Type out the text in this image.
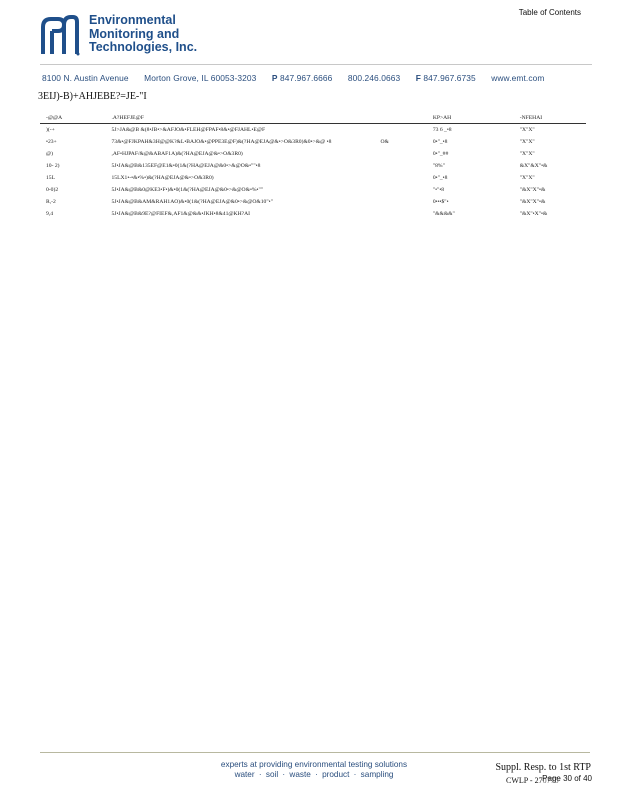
Table of Contents
Environmental
Monitoring and
Technologies, Inc.
8100 N. Austin Avenue Morton Grove, IL 60053-3203 P 847.967.6666 800.246.0663 F 847.967.6735 www.emt.com
3EIJ)-B)+AHJEBE?=JE-"I
-@@A	.A?HEFJE@F		KP>AH	-NFEHAI
)(-+	5J>JA&@B &(8•JB•>&AFJO&•FLEH@FPAF•8&•@FJAHL•E@F		73 6 _•8	"X"X"
•23+	73&•@FJKPAH&3H@@K?&L•BAJO&•@PPE3E@F)&(?HA@EJA@&•>O&3R0)&0•>&@ •8	O&	0•"_•8	"X"X"
@)	,AF•HJPAF/&@&ABAF1A)&(?HA@EJA@&•>O&3R0)		0•"_##	"X"X"
10- 2)	5J•JA&@B&135EF@E1&•0(1&(?HA@EJA@&0•>&@O&•""•8		"8%"	&X"&X"•&
15L	15LX1•-•&•%•)&(?HA@EJA@&•>O&3R0)		0•"_•8	"X"X"
0-0)2	5J•JA&@B&0@KE3•F•)&•0(1&(?HA@EJA@&0•>&@O&•%•""		"•"•8	"&X"X"•&
R,-2	5J•JA&@B&AM&RAH1AO)&•0(1&(?HA@EJA@&0•>&@O&10"•"		0•••$"•	"&X"X"•&
9,4	5J•JA&@B&9E?@FIEF&,AF1&@&&•JKH•8&41@KH?AI		"&&&&"	"&X"•X"•&
experts at providing environmental testing solutions
water · soil · waste · product · sampling
Suppl. Resp. to 1st RTP
CWLP - 270775
Page 30 of 40
